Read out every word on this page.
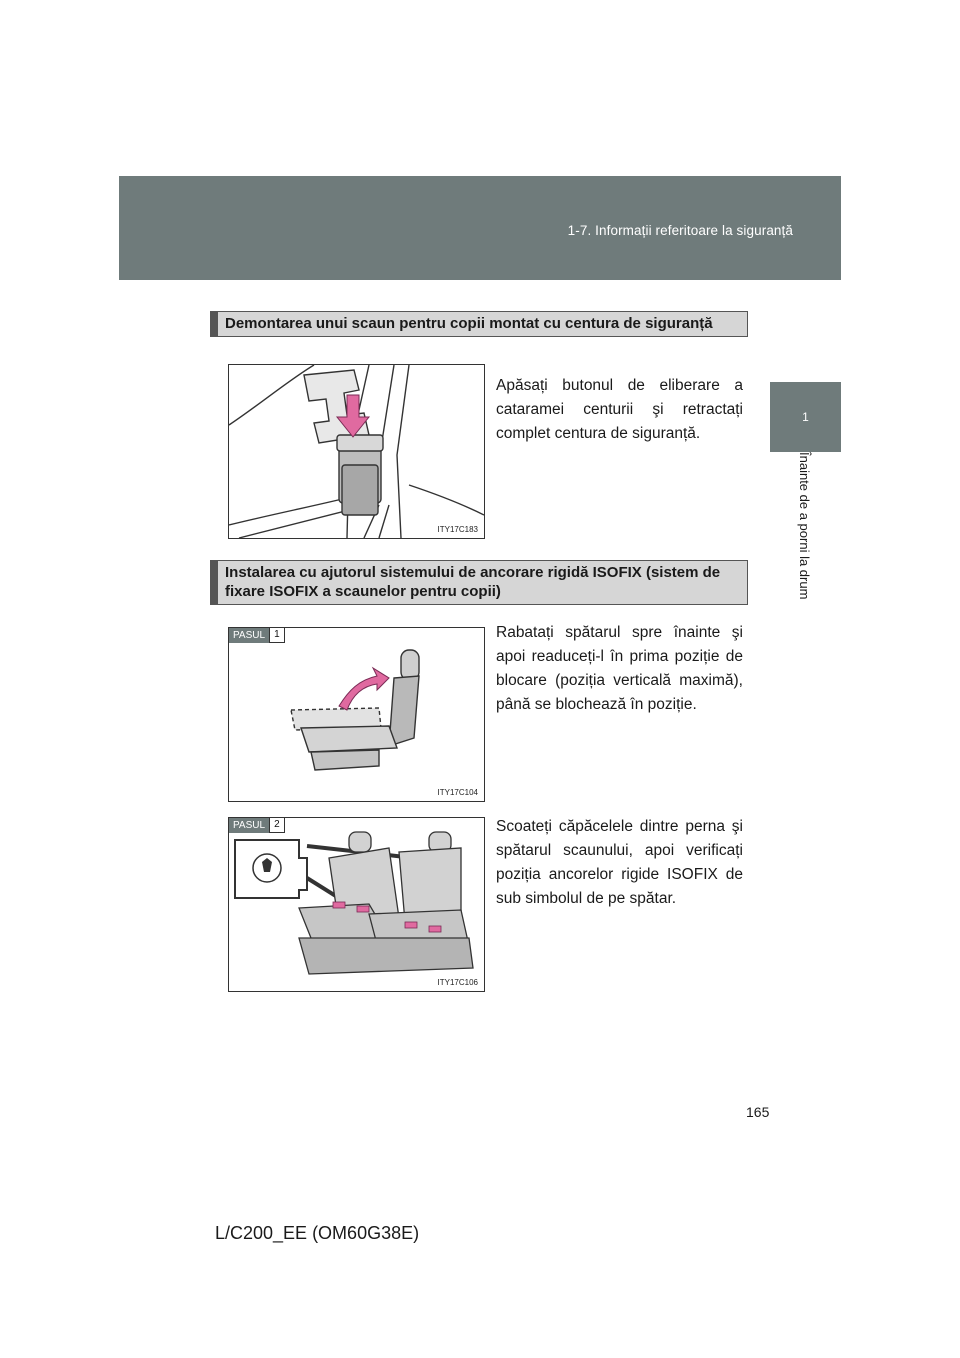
1-7. Informații referitoare la siguranță
1
Înainte de a porni la drum
Demontarea unui scaun pentru copii montat cu centura de siguranță
ITY17C183
Apăsați butonul de eliberare a cataramei centurii şi retractați complet centura de siguranță.
Instalarea cu ajutorul sistemului de ancorare rigidă ISOFIX (sistem de fixare ISOFIX a scaunelor pentru copii)
PASUL 1
ITY17C104
Rabatați spătarul spre înainte şi apoi readuceți-l în prima poziție de blocare (poziția verticală maximă), până se blochează în poziție.
PASUL 2
ITY17C106
Scoateți căpăcelele dintre perna şi spătarul scaunului, apoi verificați poziția ancorelor rigide ISOFIX de sub simbolul de pe spătar.
165
L/C200_EE (OM60G38E)
